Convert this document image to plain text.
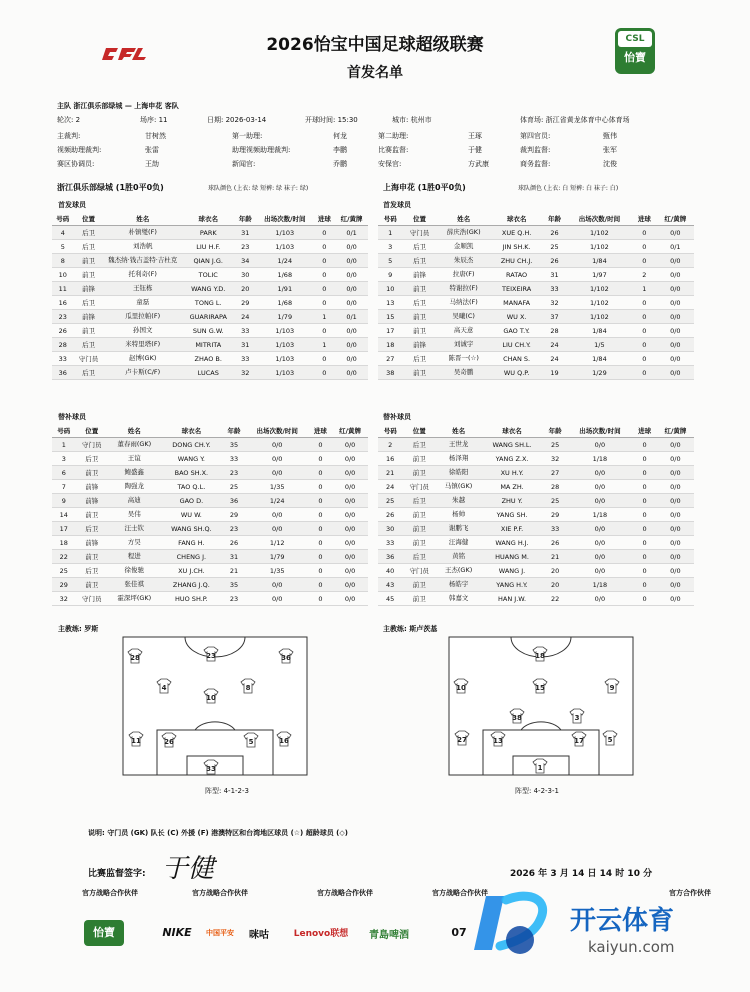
2026怡宝中国足球超级联赛
首发名单
CSL
怡寶
主队 浙江俱乐部绿城 — 上海申花 客队
轮次: 2	场序: 11	日期: 2026-03-14	开球时间: 15:30	城市: 杭州市	体育场: 浙江省黄龙体育中心体育场
主裁判:	甘树然	第一助理:	何龙	第二助理:	王琢	第四官员:	甄伟
视频助理裁判:	张雷	助理视频助理裁判:	李鹏	比赛监督:	于健	裁判监督:	张军
赛区协调员:	王劼	新闻官:	乔鹏	安保官:	方武康	商务监督:	沈俊
浙江俱乐部绿城 (1胜0平0负)	球队颜色 (上衣: 绿 短裤: 绿 袜子: 绿)	上海申花 (1胜0平0负)	球队颜色 (上衣: 白 短裤: 白 袜子: 白)
首发球员	首发球员
号码	位置	姓名	球衣名	年龄	出场次数/时间	进球	红/黄牌
4	后卫	朴镇燮(F)	PARK	31	1/103	0	0/1
5	后卫	刘浩帆	LIU H.F.	23	1/103	0	0/0
8	前卫	魏杰纳·钱吉盖特·吉杜克	QIAN J.G.	34	1/24	0	0/0
10	前卫	托利奇(F)	TOLIC	30	1/68	0	0/0
11	前锋	王钰栋	WANG Y.D.	20	1/91	0	0/0
16	后卫	童磊	TONG L.	29	1/68	0	0/0
23	前锋	瓜里拉帕(F)	GUARIRAPA	24	1/79	1	0/1
26	前卫	孙国文	SUN G.W.	33	1/103	0	0/0
28	后卫	米特里塔(F)	MITRITA	31	1/103	1	0/0
33	守门员	赵博(GK)	ZHAO B.	33	1/103	0	0/0
36	后卫	卢卡斯(C/F)	LUCAS	32	1/103	0	0/0
号码	位置	姓名	球衣名	年龄	出场次数/时间	进球	红/黄牌
1	守门员	薛庆浩(GK)	XUE Q.H.	26	1/102	0	0/0
3	后卫	金顺凯	JIN SH.K.	25	1/102	0	0/1
5	后卫	朱辰杰	ZHU CH.J.	26	1/84	0	0/0
9	前锋	拉唐(F)	RATAO	31	1/97	2	0/0
10	前卫	特谢拉(F)	TEIXEIRA	33	1/102	1	0/0
13	后卫	马纳法(F)	MANAFA	32	1/102	0	0/0
15	前卫	吴曦(C)	WU X.	37	1/102	0	0/0
17	前卫	高天意	GAO T.Y.	28	1/84	0	0/0
18	前锋	刘诚宇	LIU CH.Y.	24	1/5	0	0/0
27	后卫	陈晋一(☆)	CHAN S.	24	1/84	0	0/0
38	前卫	吴奇鹏	WU Q.P.	19	1/29	0	0/0
替补球员	替补球员
号码	位置	姓名	球衣名	年龄	出场次数/时间	进球	红/黄牌
1	守门员	董春雨(GK)	DONG CH.Y.	35	0/0	0	0/0
3	后卫	王谊	WANG Y.	33	0/0	0	0/0
6	前卫	鲍盛鑫	BAO SH.X.	23	0/0	0	0/0
7	前锋	陶强龙	TAO Q.L.	25	1/35	0	0/0
9	前锋	高迪	GAO D.	36	1/24	0	0/0
14	前卫	吴伟	WU W.	29	0/0	0	0/0
17	后卫	汪士钦	WANG SH.Q.	23	0/0	0	0/0
18	前锋	方昊	FANG H.	26	1/12	0	0/0
22	前卫	程进	CHENG J.	31	1/79	0	0/0
25	后卫	徐俊驰	XU J.CH.	21	1/35	0	0/0
29	前卫	张佳祺	ZHANG J.Q.	35	0/0	0	0/0
32	守门员	霍深坪(GK)	HUO SH.P.	23	0/0	0	0/0
号码	位置	姓名	球衣名	年龄	出场次数/时间	进球	红/黄牌
2	后卫	王世龙	WANG SH.L.	25	0/0	0	0/0
16	前卫	杨泽翔	YANG Z.X.	32	1/18	0	0/0
21	前卫	徐皓阳	XU H.Y.	27	0/0	0	0/0
24	守门员	马镇(GK)	MA ZH.	28	0/0	0	0/0
25	后卫	朱越	ZHU Y.	25	0/0	0	0/0
26	前卫	杨帅	YANG SH.	29	1/18	0	0/0
30	前卫	谢鹏飞	XIE P.F.	33	0/0	0	0/0
33	前卫	汪海健	WANG H.J.	26	0/0	0	0/0
36	后卫	黄铭	HUANG M.	21	0/0	0	0/0
40	守门员	王杰(GK)	WANG J.	20	0/0	0	0/0
43	前卫	杨皓宇	YANG H.Y.	20	1/18	0	0/0
45	前卫	韩嘉文	HAN J.W.	22	0/0	0	0/0
主教练: 罗斯	主教练: 斯卢茨基
23
28	36
4	8
10
11	16
26	5
33
18
10	9
15
38	3
27	5
13	17
1
阵型: 4-1-2-3	阵型: 4-2-3-1
说明: 守门员 (GK) 队长 (C) 外援 (F) 港澳特区和台湾地区球员 (☆) 超龄球员 (◇)
比赛监督签字: 于健	2026 年 3 月 14 日 14 时 10 分
官方战略合作伙伴	官方战略合作伙伴	官方战略合作伙伴	官方战略合作伙伴	官方合作伙伴
怡寶	NIKE	中国平安	咪咕	Lenovo联想	青島啤酒	07	开云体育
kaiyun.com
